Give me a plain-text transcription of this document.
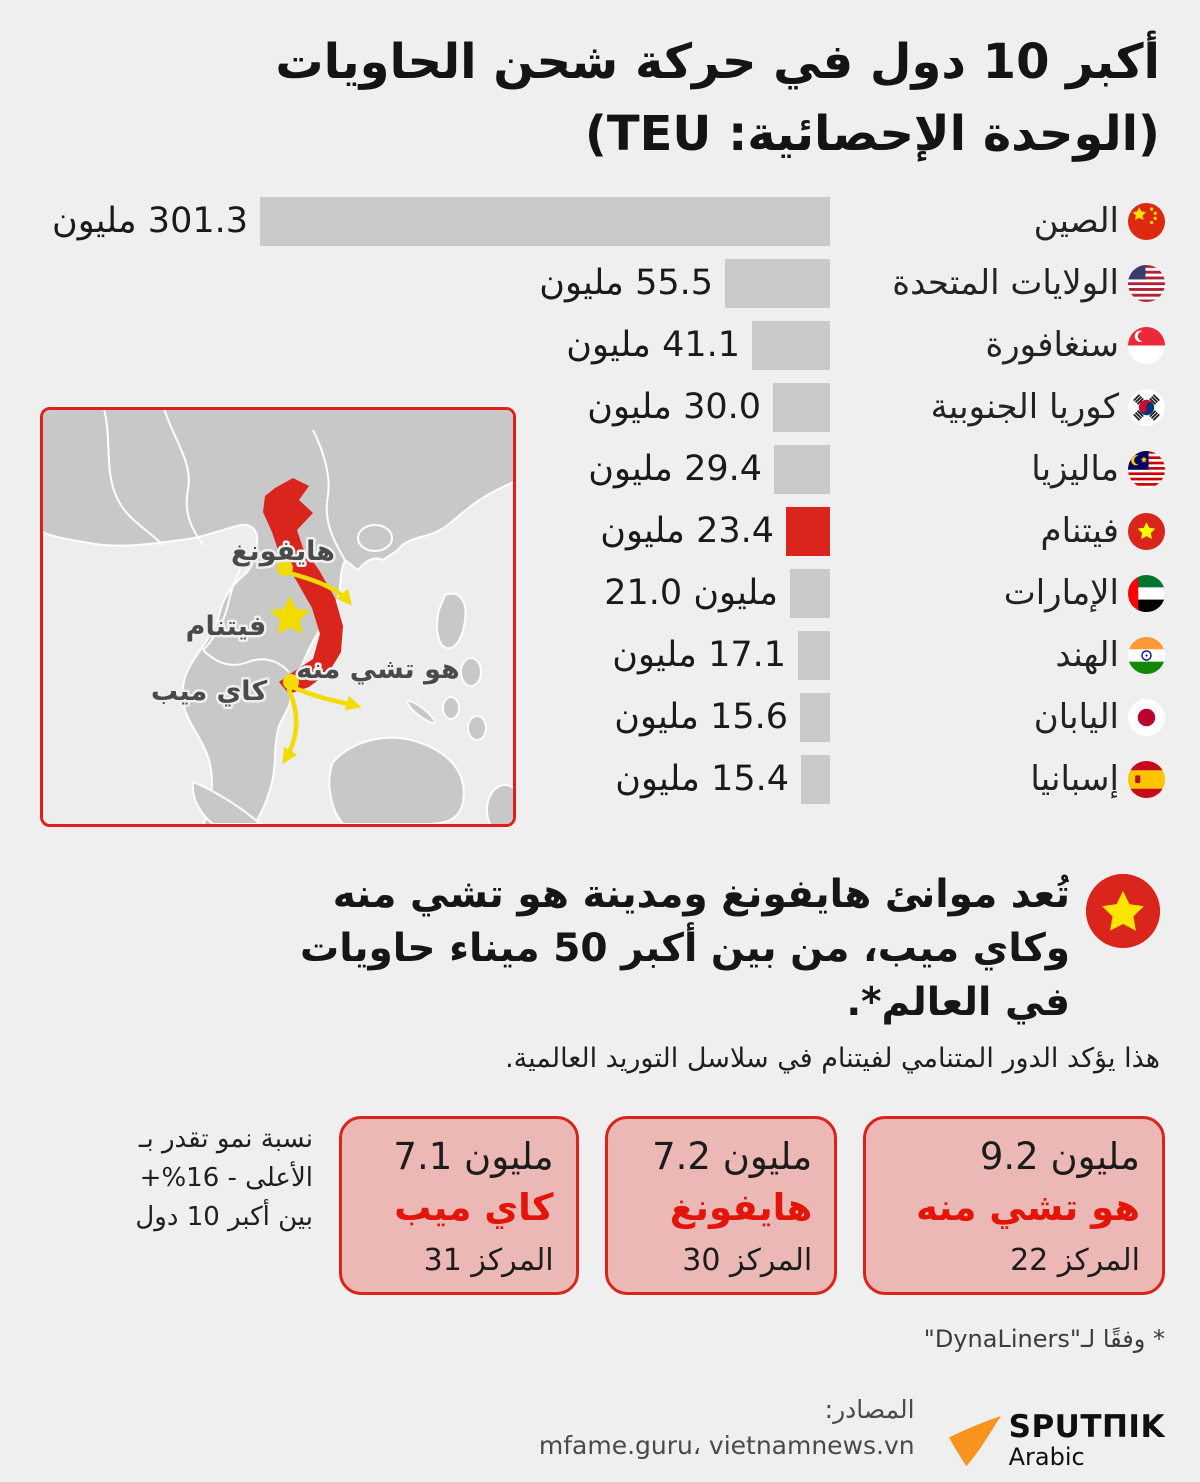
أكبر 10 دول في حركة شحن الحاويات
(الوحدة الإحصائية: TEU)
301.3 مليون	الصين
55.5 مليون	الولايات المتحدة
41.1 مليون	سنغافورة
30.0 مليون	كوريا الجنوبية
29.4 مليون	ماليزيا
23.4 مليون	فيتنام
21.0 مليون	الإمارات
17.1 مليون	الهند
15.6 مليون	اليابان
15.4 مليون	إسبانيا
هايفونغ
فيتنام
هو تشي منه
كاي ميب
تُعد موانئ هايفونغ ومدينة هو تشي منه
وكاي ميب، من بين أكبر 50 ميناء حاويات
في العالم*.
هذا يؤكد الدور المتنامي لفيتنام في سلاسل التوريد العالمية.
نسبة نمو تقدر بـ
+%16 - الأعلى
بين أكبر 10 دول
7.1 مليون
كاي ميب
المركز 31
7.2 مليون
هايفونغ
المركز 30
9.2 مليون
هو تشي منه
المركز 22
* وفقًا لـ"DynaLiners"
المصادر:
mfame.guru، vietnamnews.vn
SPUTΠIK
Arabic
